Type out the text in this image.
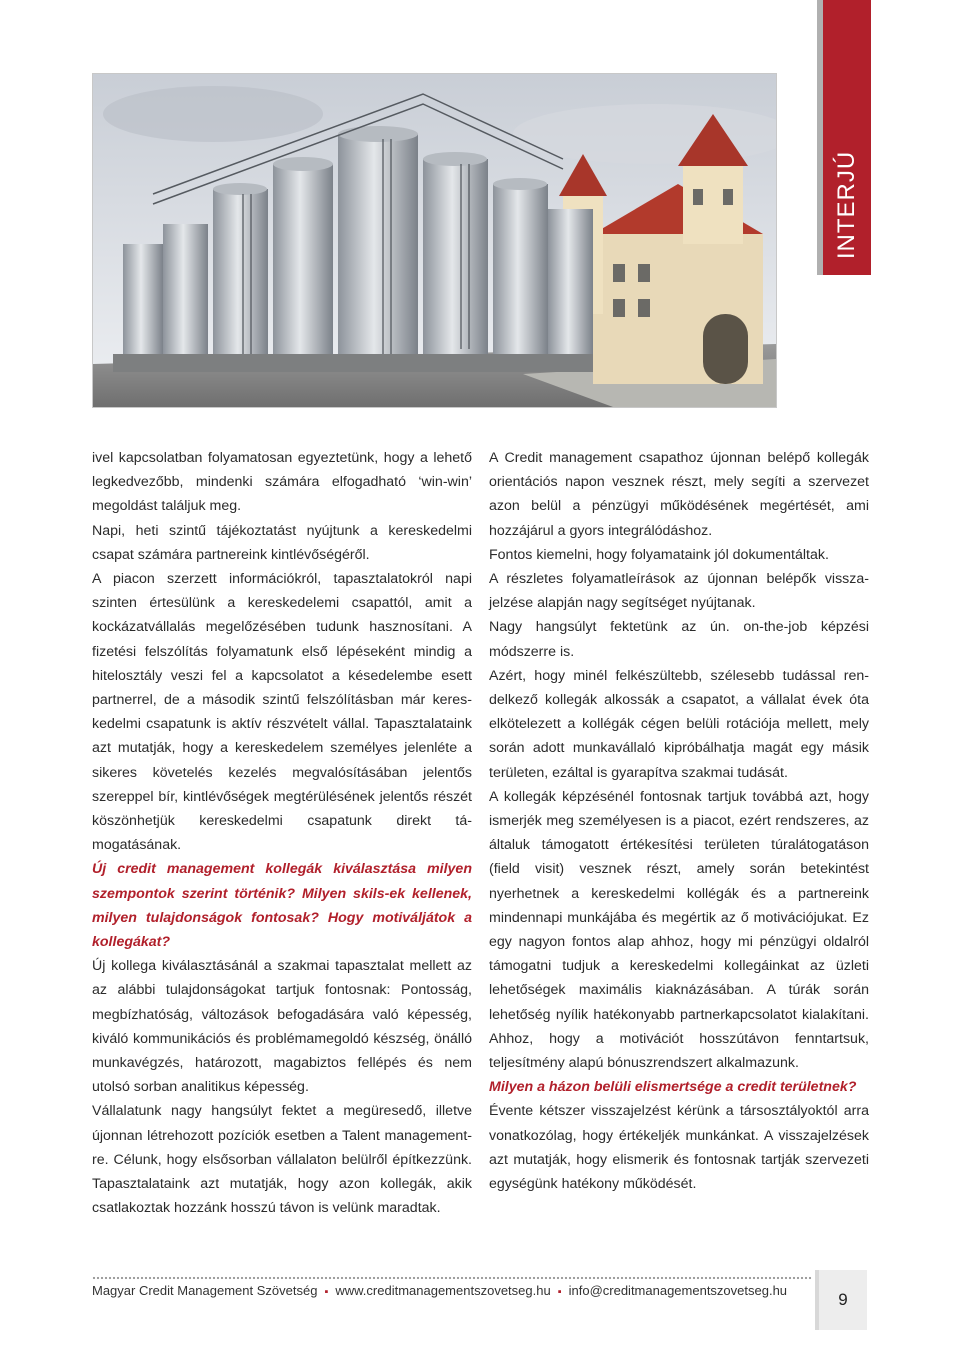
INTERJÚ

ivel kapcsolatban folyamatosan egyeztetünk, hogy a lehető legkedvezőbb, mindenki számára elfogadható ‘win-win’ megoldást találjuk meg.

Napi, heti szintű tájékoztatást nyújtunk a kereskedelmi csapat számára partnereink kintlévőségéről.

A piacon szerzett információkról, tapasztalatokról napi szinten értesülünk a kereskedelemi csapattól, amit a kockázatvállalás megelőzésében tudunk hasznosítani. A fizetési felszólítás folyamatunk első lépéseként mindig a hitelosztály veszi fel a kapcsolatot a késedelembe esett partnerrel, de a második szintű felszólításban már kereskedelmi csapatunk is aktív részvételt vállal. Tapasztalataink azt mutatják, hogy a kereskedelem személyes jelenléte a sikeres követelés kezelés megvalósításában jelentős szereppel bír, kintlévőségek megtérülésének jelentős részét köszönhetjük kereskedelmi csapatunk direkt támogatásának.

Új credit management kollegák kiválasztása milyen szempontok szerint történik? Milyen skils-ek kellenek, milyen tulajdonságok fontosak? Hogy motiváljátok a kollegákat?

Új kollega kiválasztásánál a szakmai tapasztalat mellett az az alábbi tulajdonságokat tartjuk fontosnak: Pontosság, megbízhatóság, változások befogadására való képesség, kiváló kommunikációs és problémamegoldó készség, önálló munkavégzés, határozott, magabiztos fellépés és nem utolsó sorban analitikus képesség.

Vállalatunk nagy hangsúlyt fektet a megüresedő, illetve újonnan létrehozott pozíciók esetben a Talent management-re. Célunk, hogy elsősorban vállalaton belülről építkezzünk. Tapasztalataink azt mutatják, hogy azon kollegák, akik csatlakoztak hozzánk hosszú távon is velünk maradtak.

A Credit management csapathoz újonnan belépő kollegák orientációs napon vesznek részt, mely segíti a szervezet azon belül a pénzügyi működésének megértését, ami hozzájárul a gyors integrálódáshoz.

Fontos kiemelni, hogy folyamataink jól dokumentáltak.

A részletes folyamatleírások az újonnan belépők visszajelzése alapján nagy segítséget nyújtanak.

Nagy hangsúlyt fektetünk az ún. on-the-job képzési módszerre is.

Azért, hogy minél felkészültebb, szélesebb tudással rendelkező kollegák alkossák a csapatot, a vállalat évek óta elkötelezett a kollégák cégen belüli rotációja mellett, mely során adott munkavállaló kipróbálhatja magát egy másik területen, ezáltal is gyarapítva szakmai tudását.

A kollegák képzésénél fontosnak tartjuk továbbá azt, hogy ismerjék meg személyesen is a piacot, ezért rendszeres, az általuk támogatott értékesítési területen túralátogatáson (field visit) vesznek részt, amely során betekintést nyerhetnek a kereskedelmi kollégák és a partnereink mindennapi munkájába és megértik az ő motivációjukat. Ez egy nagyon fontos alap ahhoz, hogy mi pénzügyi oldalról támogatni tudjuk a kereskedelmi kollegáinkat az üzleti lehetőségek maximális kiaknázásában. A túrák során lehetőség nyílik hatékonyabb partnerkapcsolatot kialakítani. Ahhoz, hogy a motivációt hosszútávon fenntartsuk, teljesítmény alapú bónuszrendszert alkalmazunk.

Milyen a házon belüli elismertsége a credit területnek?

Évente kétszer visszajelzést kérünk a társosztályoktól arra vonatkozólag, hogy értékeljék munkánkat. A visszajelzések azt mutatják, hogy elismerik és fontosnak tartják szervezeti egységünk hatékony működését.

Magyar Credit Management Szövetség ▪ www.creditmanagementszovetseg.hu ▪ info@creditmanagementszovetseg.hu	9
